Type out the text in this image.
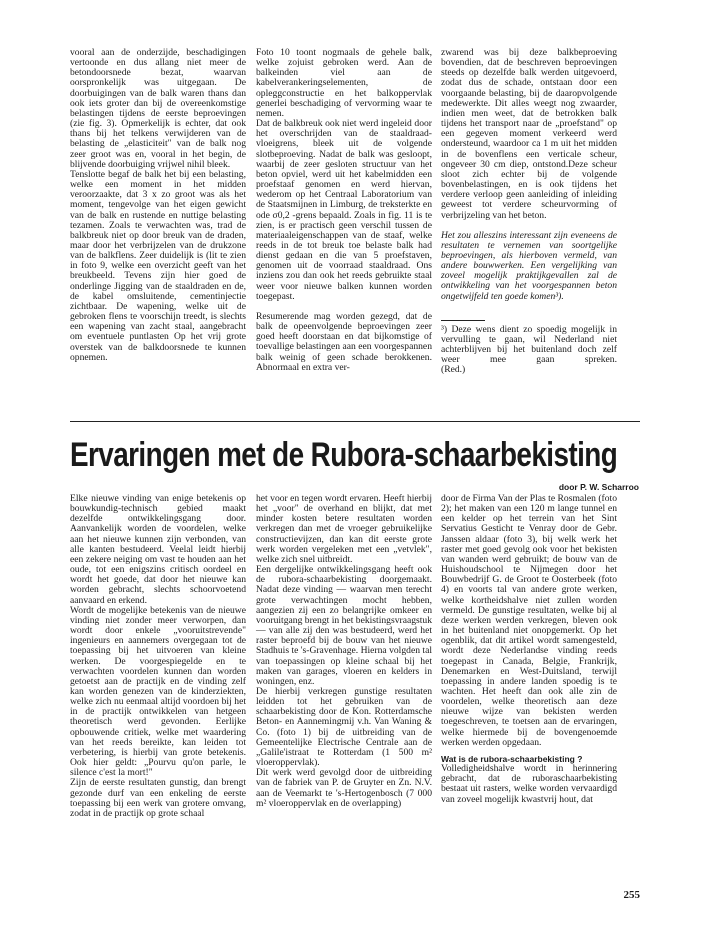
vooral aan de onderzijde, beschadigingen vertoonde en dus allang niet meer de betondoorsnede bezat, waarvan oorspronkelijk was uitgegaan. De doorbuigingen van de balk waren thans dan ook iets groter dan bij de overeenkomstige belastingen tijdens de eerste beproevingen (zie fig. 3). Opmerkelijk is echter, dat ook thans bij het telkens verwijderen van de belasting de „elasticiteit" van de balk nog zeer groot was en, vooral in het begin, de blijvende doorbuiging vrijwel nihil bleek.

Tenslotte begaf de balk het bij een belasting, welke een moment in het midden veroorzaakte, dat 3 x zo groot was als het moment, tengevolge van het eigen gewicht van de balk en rustende en nuttige belasting tezamen. Zoals te verwachten was, trad de balkbreuk niet op door breuk van de draden, maar door het verbrijzelen van de drukzone van de balkflens. Zeer duidelijk is (lit te zien in foto 9, welke een overzicht geeft van het breukbeeld. Tevens zijn hier goed de onderlinge Jigging van de staaldraden en de, de kabel omsluitende, cementinjectie zichtbaar. De wapening, welke uit de gebroken flens te voorschijn treedt, is slechts een wapening van zacht staal, aangebracht om eventuele puntlasten Op het vrij grote overstek van de balkdoorsnede te kunnen opnemen.

Foto 10 toont nogmaals de gehele balk, welke zojuist gebroken werd. Aan de balkeinden viel aan de kabelverankeringselementen, de opleggconstructie en het balkoppervlak generlei beschadiging of vervorming waar te nemen.

Dat de balkbreuk ook niet werd ingeleid door het overschrijden van de staaldraad-vloeigrens, bleek uit de volgende slotbeproeving. Nadat de balk was gesloopt, waarbij de zeer gesloten structuur van het beton opviel, werd uit het kabelmidden een proefstaaf genomen en werd hiervan, wederom op het Centraal Laboratorium van de Staatsmijnen in Limburg, de treksterkte en ode σ0,2 -grens bepaald. Zoals in fig. 11 is te zien, is er practisch geen verschil tussen de materiaaleigenschappen van de staaf, welke reeds in de tot breuk toe belaste balk had dienst gedaan en die van 5 proefstaven, genomen uit de voorraad staaldraad. Ons inziens zou dan ook het reeds gebruikte staal weer voor nieuwe balken kunnen worden toegepast.

Resumerende mag worden gezegd, dat de balk de opeenvolgende beproevingen zeer goed heeft doorstaan en dat bijkomstige of toevallige belastingen aan een voorgespannen balk weinig of geen schade berokkenen. Abnormaal en extra ver-

zwarend was bij deze balkbeproeving bovendien, dat de beschreven beproevingen steeds op dezelfde balk werden uitgevoerd, zodat dus de schade, ontstaan door een voorgaande belasting, bij de daaropvolgende medewerkte. Dit alles weegt nog zwaarder, indien men weet, dat de betrokken balk tijdens het transport naar de „proefstand" op een gegeven moment verkeerd werd ondersteund, waardoor ca 1 m uit het midden in de bovenflens een verticale scheur, ongeveer 30 cm diep, ontstond.Deze scheur sloot zich echter bij de volgende bovenbelastingen, en is ook tijdens het verdere verloop geen aanleiding of inleiding geweest tot verdere scheurvorming of verbrijzeling van het beton.

Het zou alleszins interessant zijn eveneens de resultaten te vernemen van soortgelijke beproevingen, als hierboven vermeld, van andere bouwwerken. Een vergelijking van zoveel mogelijk praktijkgevallen zal de ontwikkeling van het voorgespannen beton ongetwijfeld ten goede komen³).

³) Deze wens dient zo spoedig mogelijk in vervulling te gaan, wil Nederland niet achterblijven bij het buitenland doch zelf weer mee gaan spreken.                                      (Red.)

Ervaringen met de Rubora-schaarbekisting
door P. W. Scharroo

Elke nieuwe vinding van enige betekenis op bouwkundig-technisch gebied maakt dezelfde ontwikkelingsgang door. Aanvankelijk worden de voordelen, welke aan het nieuwe kunnen zijn verbonden, van alle kanten bestudeerd. Veelal leidt hierbij een zekere neiging om vast te houden aan het oude, tot een enigszins critisch oordeel en wordt het goede, dat door het nieuwe kan worden gebracht, slechts schoorvoetend aanvaard en erkend.

Wordt de mogelijke betekenis van de nieuwe vinding niet zonder meer verworpen, dan wordt door enkele „vooruitstrevende" ingenieurs en aannemers overgegaan tot de toepassing bij het uitvoeren van kleine werken. De voorgespiegelde en te verwachten voordelen kunnen dan worden getoetst aan de practijk en de vinding zelf kan worden genezen van de kinderziekten, welke zich nu eenmaal altijd voordoen bij het in de practijk ontwikkelen van hetgeen theoretisch werd gevonden. Eerlijke opbouwende critiek, welke met waardering van het reeds bereikte, kan leiden tot verbetering, is hierbij van grote betekenis. Ook hier geldt: „Pourvu qu'on parle, le silence c'est la mort!"

Zijn de eerste resultaten gunstig, dan brengt gezonde durf van een enkeling de eerste toepassing bij een werk van grotere omvang, zodat in de practijk op grote schaal

het voor en tegen wordt ervaren. Heeft hierbij het „voor" de overhand en blijkt, dat met minder kosten betere resultaten worden verkregen dan met de vroeger gebruikelijke constructievijzen, dan kan dit eerste grote werk worden vergeleken met een „vetvlek", welke zich snel uitbreidt.

Een dergelijke ontwikkelingsgang heeft ook de rubora-schaarbekisting doorgemaakt. Nadat deze vinding — waarvan men terecht grote verwachtingen mocht hebben, aangezien zij een zo belangrijke omkeer en vooruitgang brengt in het bekistingsvraagstuk — van alle zij den was bestudeerd, werd het raster beproefd bij de bouw van het nieuwe Stadhuis te 's-Gravenhage. Hierna volgden tal van toepassingen op kleine schaal bij het maken van garages, vloeren en kelders in woningen, enz.

De hierbij verkregen gunstige resultaten leidden tot het gebruiken van de schaarbekisting door de Kon. Rotterdamsche Beton- en Aannemingmij v.h. Van Waning & Co. (foto 1) bij de uitbreiding van de Gemeentelijke Electrische Centrale aan de „Galile'istraat te Rotterdam (1 500 m² vloeroppervlak).

Dit werk werd gevolgd door de uitbreiding van de fabriek van P. de Gruyter en Zn. N.V. aan de Veemarkt te 's-Hertogenbosch (7 000 m² vloeroppervlak en de overlapping)

door de Firma Van der Plas te Rosmalen (foto 2); het maken van een 120 m lange tunnel en een kelder op het terrein van het Sint Servatius Gesticht te Venray door de Gebr. Janssen aldaar (foto 3), bij welk werk het raster met goed gevolg ook voor het bekisten van wanden werd gebruikt; de bouw van de Huishoudschool te Nijmegen door het Bouwbedrijf G. de Groot te Oosterbeek (foto 4) en voorts tal van andere grote werken, welke kortheidshalve niet zullen worden vermeld. De gunstige resultaten, welke bij al deze werken werden verkregen, bleven ook in het buitenland niet onopgemerkt. Op het ogenblik, dat dit artikel wordt samengesteld, wordt deze Nederlandse vinding reeds toegepast in Canada, Belgie, Frankrijk, Denemarken en West-Duitsland, terwijl toepassing in andere landen spoedig is te wachten. Het heeft dan ook alle zin de voordelen, welke theoretisch aan deze nieuwe wijze van bekisten werden toegeschreven, te toetsen aan de ervaringen, welke hiermede bij de bovengenoemde werken werden opgedaan.

Wat is de rubora-schaarbekisting ?

Volledigheidshalve wordt in herinnering gebracht, dat de ruboraschaarbekisting bestaat uit rasters, welke worden vervaardigd van zoveel mogelijk kwastvrij hout, dat

255
